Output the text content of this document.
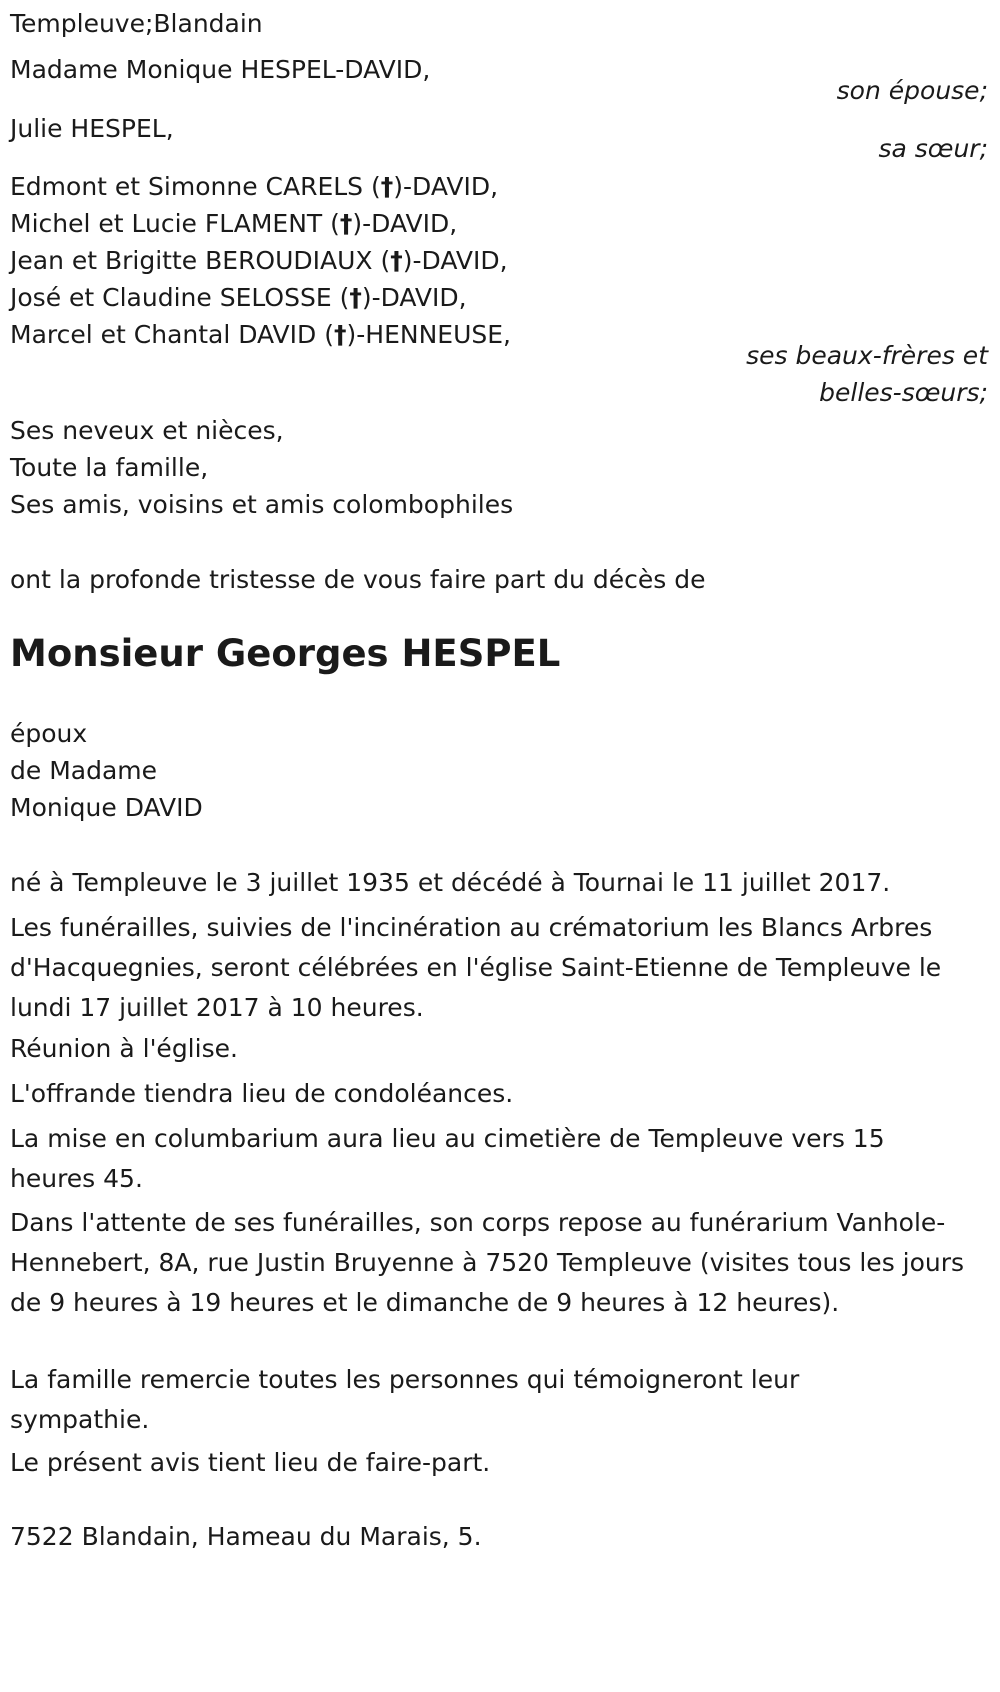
Templeuve;Blandain
Madame Monique HESPEL-DAVID,
son épouse;
Julie HESPEL,
sa sœur;
Edmont et Simonne CARELS (†)-DAVID,
Michel et Lucie FLAMENT (†)-DAVID,
Jean et Brigitte BEROUDIAUX (†)-DAVID,
José et Claudine SELOSSE (†)-DAVID,
Marcel et Chantal DAVID (†)-HENNEUSE,
ses beaux-frères et
belles-sœurs;
Ses neveux et nièces,
Toute la famille,
Ses amis, voisins et amis colombophiles
ont la profonde tristesse de vous faire part du décès de
Monsieur Georges HESPEL
époux
de Madame
Monique DAVID
né à Templeuve le 3 juillet 1935 et décédé à Tournai le 11 juillet 2017.
Les funérailles, suivies de l'incinération au crématorium les Blancs Arbres d'Hacquegnies, seront célébrées en l'église Saint-Etienne de Templeuve le lundi 17 juillet 2017 à 10 heures.
Réunion à l'église.
L'offrande tiendra lieu de condoléances.
La mise en columbarium aura lieu au cimetière de Templeuve vers 15 heures 45.
Dans l'attente de ses funérailles, son corps repose au funérarium Vanhole-Hennebert, 8A, rue Justin Bruyenne à 7520 Templeuve (visites tous les jours de 9 heures à 19 heures et le dimanche de 9 heures à 12 heures).
La famille remercie toutes les personnes qui témoigneront leur sympathie.
Le présent avis tient lieu de faire-part.
7522 Blandain, Hameau du Marais, 5.
